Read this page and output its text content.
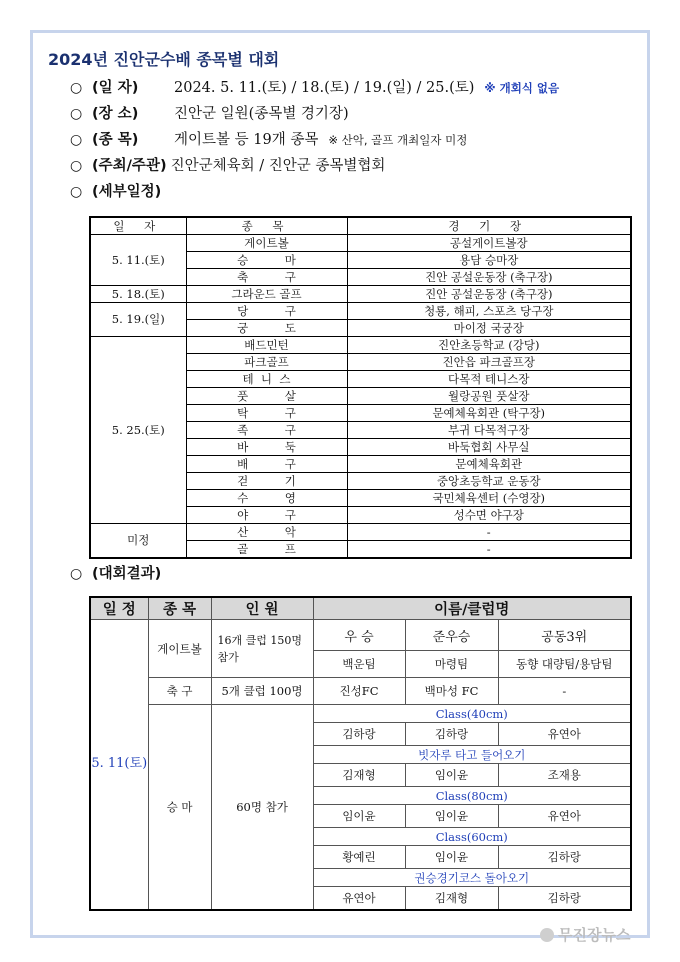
2024년 진안군수배 종목별 대회
○ (일 자) 2024. 5. 11.(토) / 18.(토) / 19.(일) / 25.(토) ※ 개회식 없음
○ (장 소) 진안군 일원(종목별 경기장)
○ (종 목) 게이트볼 등 19개 종목 ※ 산악, 골프 개최일자 미정
○ (주최/주관) 진안군체육회 / 진안군 종목별협회
○ (세부일정)
일 자	종 목	경 기 장
5. 11.(토)	게이트볼	공설게이트볼장
	승          마	용담 승마장
	축          구	진안 공설운동장 (축구장)
5. 18.(토)	그라운드 골프	진안 공설운동장 (축구장)
5. 19.(일)	당          구	청룡, 해피, 스포츠 당구장
	궁          도	마이정 국궁장
5. 25.(토)	배드민턴	진안초등학교 (강당)
	파크골프	진안읍 파크골프장
	테  니  스	다목적 테니스장
	풋          살	월랑공원 풋살장
	탁          구	문예체육회관 (탁구장)
	족          구	부귀 다목적구장
	바          둑	바둑협회 사무실
	배          구	문예체육회관
	걷          기	중앙초등학교 운동장
	수          영	국민체육센터 (수영장)
	야          구	성수면 야구장
미정	산          악	-
	골          프	-
○ (대회결과)
일 정	종 목	인 원	이름/클럽명		
5. 11(토)	게이트볼	16개 클럽 150명 참가	우 승	준우승	공동3위
			백운팀	마령팀	동향 대량팀/용담팀
	축 구	5개 클럽 100명	진성FC	백마성 FC	-
	승 마	60명 참가	Class(40cm)		
			김하랑	김하랑	유연아
			빗자루 타고 들어오기		
			김재형	임이윤	조재용
			Class(80cm)		
			임이윤	임이윤	유연아
			Class(60cm)		
			황예린	임이윤	김하랑
			권승경기코스 돌아오기		
			유연아	김재형	김하랑
무진장뉴스
